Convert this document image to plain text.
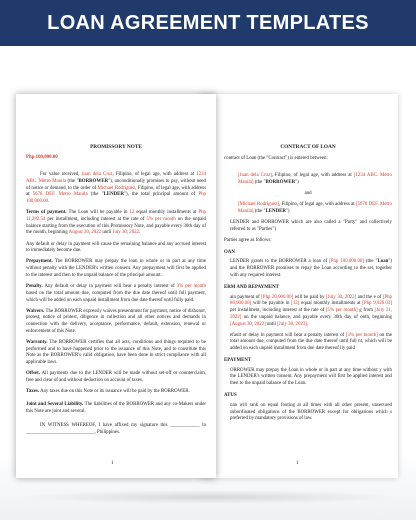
LOAN AGREEMENT TEMPLATES
CONTRACT OF LOAN
contract of Loan (the "Contract") is entered between:
[Juan dela Cruz], Filipino, of legal age, with address at [1234 ABC. Metro Manila] (the "BORROWER")
and
[Michael Rodriguez], Filipino, of legal age, with address at [5678 DEF. Metro Manila] (the "LENDER")
LENDER and BORROWER which are also called a "Party" and collectively referred to as "Parties")
Parties agree as follows:
OAN
LENDER grants to the BORROWER a loan of [Php 100,000.00] (the "Loan") and the BORROWER promises to repay the Loan according to the set, together with any required interest.
ERM AND REPAYMENT
ain payment of [Php 20,000.00] will be paid by [July 30, 2022] and the e of [Php 80,000.00] will be payable in [12] equal monthly installments at [Php 9,026.03] per installment, including interest at the rate of [5% per month] g from [July 31, 2022] on the unpaid balance, and payable every 30th day of onth, beginning [August 30, 2022] until [July 30, 2023].
efault or delay in payment will bear a penalty interest of [3% per month] on the total amount due, computed from the due date thereof until full nt, which will be added on each unpaid installment from due date thereof lly paid
EPAYMENT
ORROWER may prepay the Loan in whole or in part at any time without y with the LENDER's written consent. Any prepayment will first be applied interest and then to the unpaid balance of the Loan.
ATUS
oan will rank on equal footing at all times with all other present, unsecured subordinated obligations of the BORROWER except for obligations which s preferred by mandatory provisions of law.
1
PROMISSORY NOTE
Php 100,000.00
For value received, Juan dela Cruz, Filipino, of legal age, with address at 1234 ABC. Metro Manila (the "BORROWER"), unconditionally promises to pay, without need of notice or demand, to the order of Michael Rodriguez, Filipino, of legal age, with address at 5678 DEF. Metro Manila (the "LENDER"), the total principal amount of Php 100,000.00.
Terms of payment. The Loan will be payable in 12 equal monthly installments at Php 11,282.54 per installment, including interest at the rate of 5% per month on the unpaid balance starting from the execution of this Promissory Note, and payable every 30th day of the month, beginning August 30, 2022 until July 30, 2022.
Any default or delay in payment will cause the remaining balance and any accrued interest to immediately become due.
Prepayment. The BORROWER may prepay the loan in whole or in part at any time without penalty with the LENDER's written consent. Any prepayment will first be applied to the interest and then to the unpaid balance of the principal amount.
Penalty. Any default or delay in payment will bear a penalty interest of 3% per month based on the total amount due, computed from the due date thereof until full payment, which will be added on each unpaid installment from due date thereof until fully paid.
Waivers. The BORROWER expressly waives presentment for payment, notice of dishonor, protest, notice of protest, diligence in collection and all other notices and demands in connection with the delivery, acceptance, performance, default, extension, renewal or enforcement of this Note.
Warranty. The BORROWER certifies that all acts, conditions and things required to be performed and to have happened prior to the issuance of this Note, and to constitute this Note as the BORROWER's valid obligation, have been done in strict compliance with all applicable laws.
Offset. All payments due to the LENDER will be made without set-off or counterclaim, free and clear of and without deduction on account of taxes.
Taxes. Any taxes due on this Note or its issuance will be paid by the BORROWER.
Joint and Several Liability. The liabilities of the BORROWER and any co-Makers under this Note are joint and several.
IN WITNESS WHEREOF, I have affixed my signature this ____________ in ____________________________, Philippines.
1
